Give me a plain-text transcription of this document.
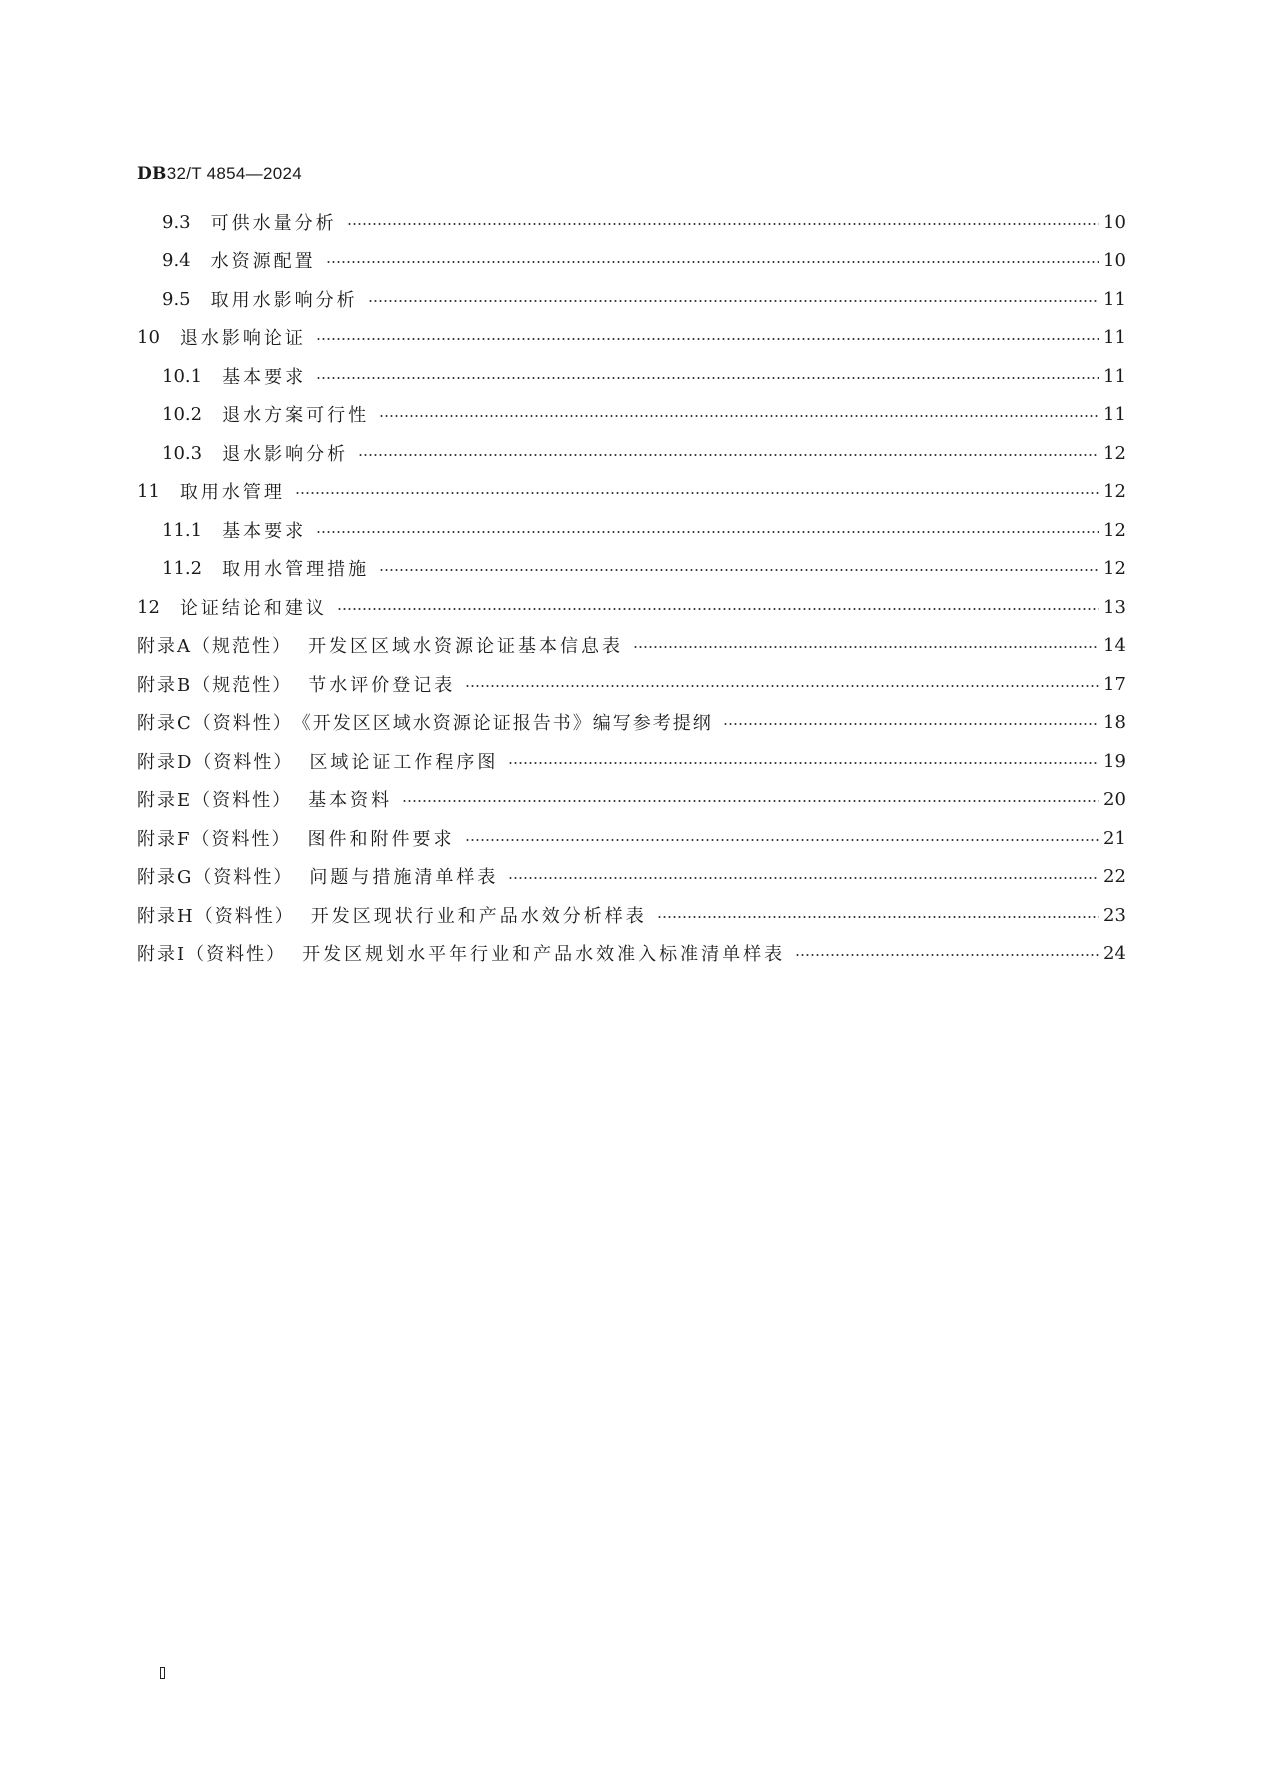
DB32/T 4854—2024
9.3 可供水量分析	10
9.4 水资源配置	10
9.5 取用水影响分析	11
10 退水影响论证	11
10.1 基本要求	11
10.2 退水方案可行性	11
10.3 退水影响分析	12
11 取用水管理	12
11.1 基本要求	12
11.2 取用水管理措施	12
12 论证结论和建议	13
附录A（规范性） 开发区区域水资源论证基本信息表	14
附录B（规范性） 节水评价登记表	17
附录C（资料性） 《开发区区域水资源论证报告书》编写参考提纲	18
附录D（资料性） 区域论证工作程序图	19
附录E（资料性） 基本资料	20
附录F（资料性） 图件和附件要求	21
附录G（资料性） 问题与措施清单样表	22
附录H（资料性） 开发区现状行业和产品水效分析样表	23
附录I（资料性） 开发区规划水平年行业和产品水效准入标准清单样表	24
